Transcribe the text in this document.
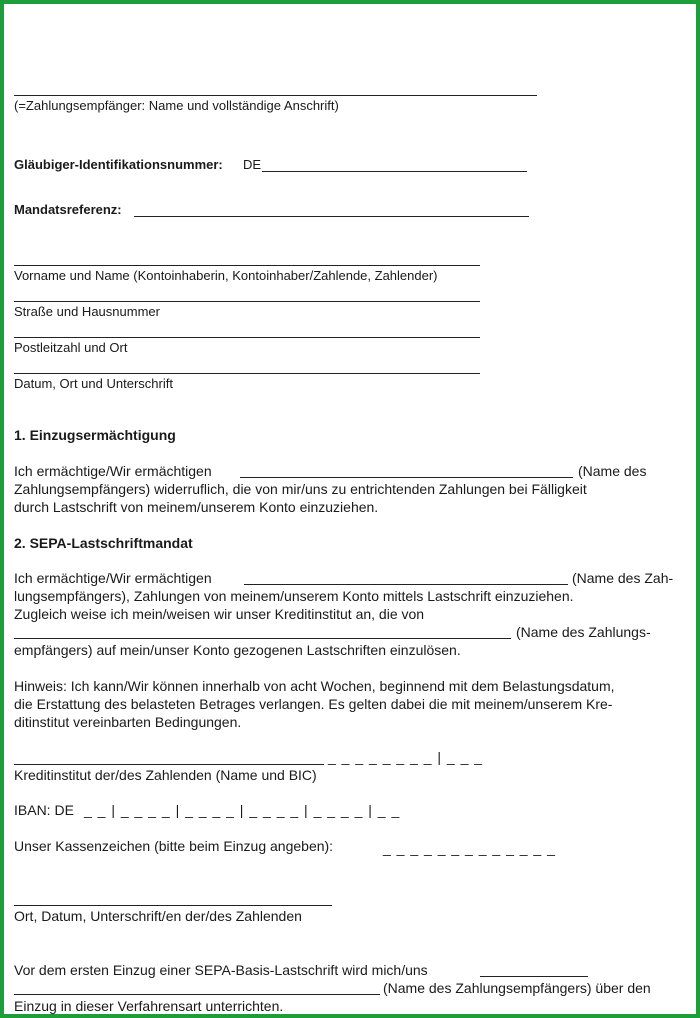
(=Zahlungsempfänger: Name und vollständige Anschrift)
Gläubiger-Identifikationsnummer: DE
Mandatsreferenz:
Vorname und Name (Kontoinhaberin, Kontoinhaber/Zahlende, Zahlender)
Straße und Hausnummer
Postleitzahl und Ort
Datum, Ort und Unterschrift
1. Einzugsermächtigung
Ich ermächtige/Wir ermächtigen	(Name des
Zahlungsempfängers) widerruflich, die von mir/uns zu entrichtenden Zahlungen bei Fälligkeit
durch Lastschrift von meinem/unserem Konto einzuziehen.
2. SEPA-Lastschriftmandat
Ich ermächtige/Wir ermächtigen	(Name des Zah-
lungsempfängers), Zahlungen von meinem/unserem Konto mittels Lastschrift einzuziehen.
Zugleich weise ich mein/weisen wir unser Kreditinstitut an, die von
(Name des Zahlungs-
empfängers) auf mein/unser Konto gezogenen Lastschriften einzulösen.
Hinweis: Ich kann/Wir können innerhalb von acht Wochen, beginnend mit dem Belastungsdatum,
die Erstattung des belasteten Betrages verlangen. Es gelten dabei die mit meinem/unserem Kre-
ditinstitut vereinbarten Bedingungen.
_ _ _ _ _ _ _ _ | _ _ _
Kreditinstitut der/des Zahlenden (Name und BIC)
IBAN: DE _ _ | _ _ _ _ | _ _ _ _ | _ _ _ _ | _ _ _ _ | _ _
Unser Kassenzeichen (bitte beim Einzug angeben):	_ _ _ _ _ _ _ _ _ _ _ _ _
Ort, Datum, Unterschrift/en der/des Zahlenden
Vor dem ersten Einzug einer SEPA-Basis-Lastschrift wird mich/uns
(Name des Zahlungsempfängers) über den
Einzug in dieser Verfahrensart unterrichten.
